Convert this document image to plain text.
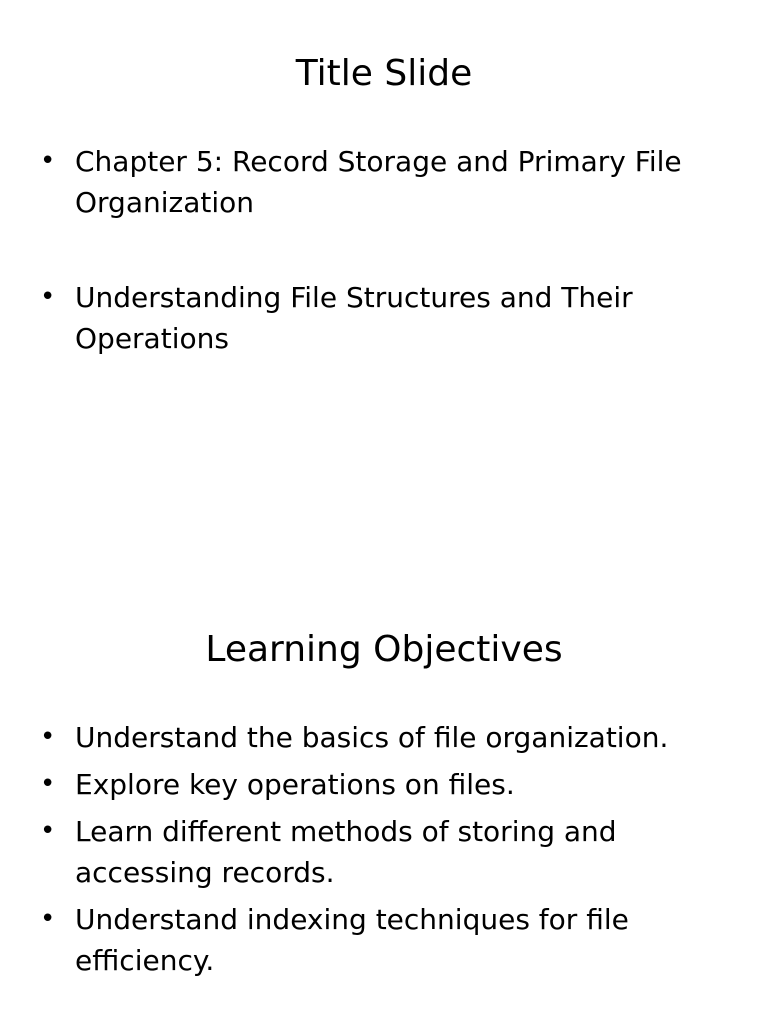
Title Slide
• Chapter 5: Record Storage and Primary File Organization
• Understanding File Structures and Their Operations
Learning Objectives
• Understand the basics of file organization.
• Explore key operations on files.
• Learn different methods of storing and accessing records.
• Understand indexing techniques for file efficiency.
